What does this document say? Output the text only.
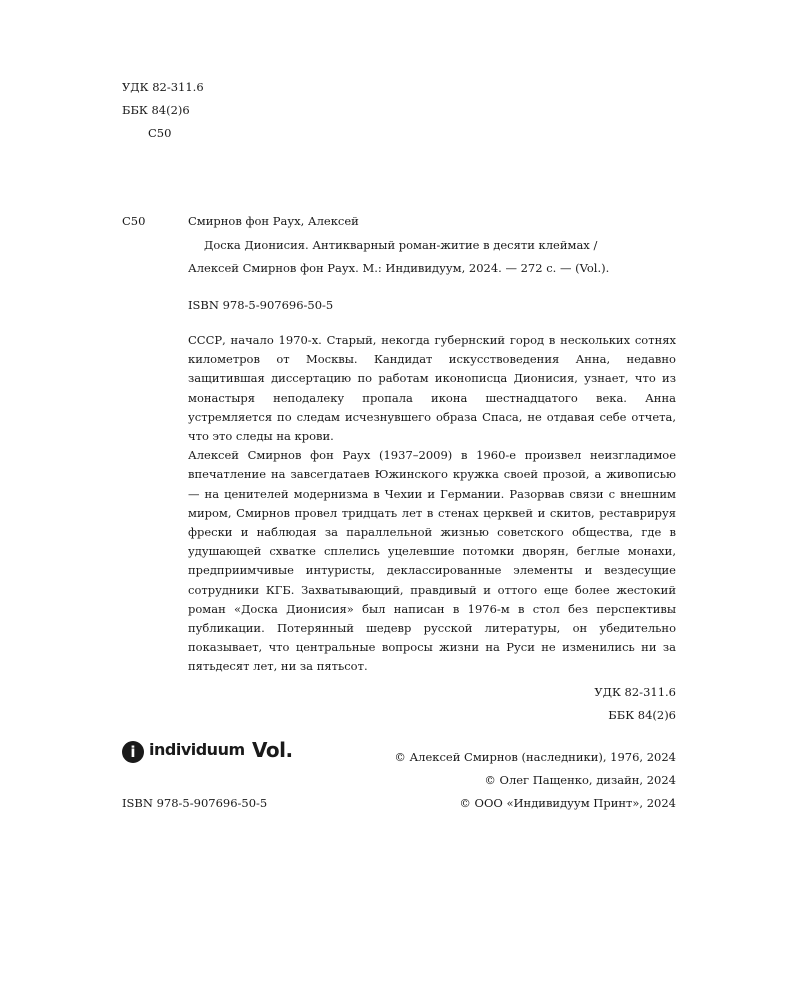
УДК 82-311.6
ББК 84(2)6
С50
С50	Смирнов фон Раух, Алексей
Доска Дионисия. Антикварный роман-житие в десяти клеймах /
Алексей Смирнов фон Раух. М.: Индивидуум, 2024. — 272 с. — (Vol.).
ISBN 978-5-907696-50-5

СССР, начало 1970-х. Старый, некогда губернский город в нескольких сотнях километров от Москвы. Кандидат искусствоведения Анна, недавно защитившая диссертацию по работам иконописца Дионисия, узнает, что из монастыря неподалеку пропала икона шестнадцатого века. Анна устремляется по следам исчезнувшего образа Спаса, не отдавая себе отчета, что это следы на крови.

Алексей Смирнов фон Раух (1937–2009) в 1960-е произвел неизгладимое впечатление на завсегдатаев Южинского кружка своей прозой, а живописью — на ценителей модернизма в Чехии и Германии. Разорвав связи с внешним миром, Смирнов провел тридцать лет в стенах церквей и скитов, реставрируя фрески и наблюдая за параллельной жизнью советского общества, где в удушающей схватке сплелись уцелевшие потомки дворян, беглые монахи, предприимчивые интуристы, деклассированные элементы и вездесущие сотрудники КГБ. Захватывающий, правдивый и оттого еще более жестокий роман «Доска Дионисия» был написан в 1976-м в стол без перспективы публикации. Потерянный шедевр русской литературы, он убедительно показывает, что центральные вопросы жизни на Руси не изменились ни за пятьдесят лет, ни за пятьсот.

УДК 82-311.6
ББК 84(2)6
i individuum Vol.	© Алексей Смирнов (наследники), 1976, 2024
© Олег Пащенко, дизайн, 2024
© ООО «Индивидуум Принт», 2024
ISBN 978-5-907696-50-5
